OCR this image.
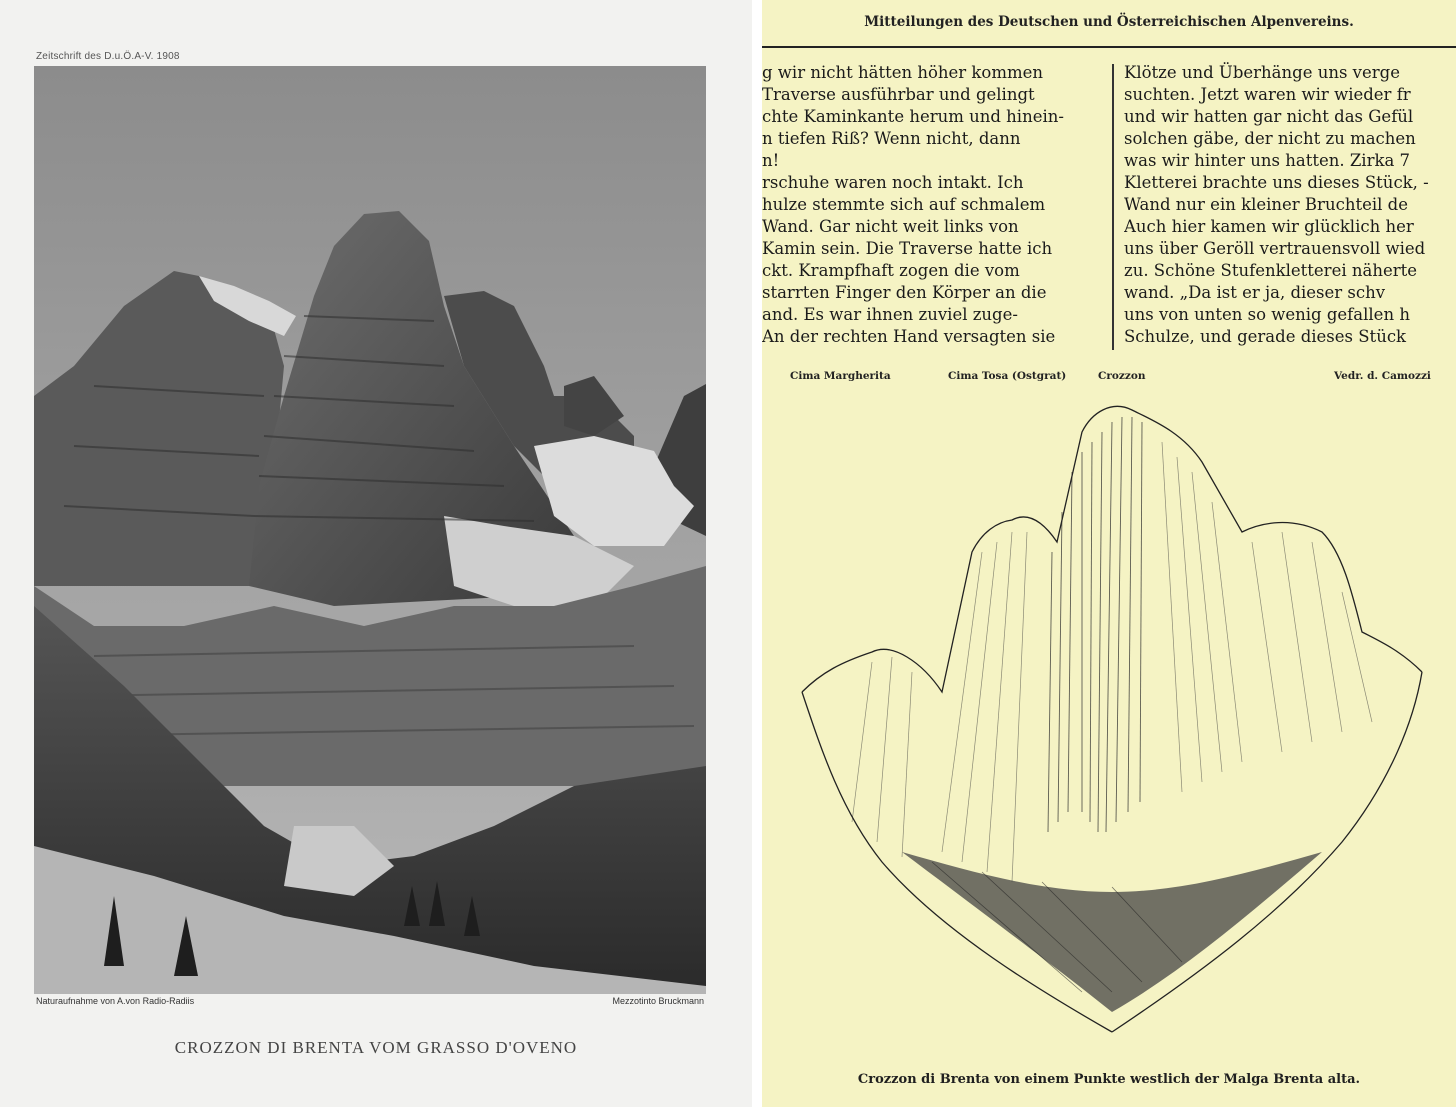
Zeitschrift des D.u.Ö.A-V. 1908
Naturaufnahme von A.von Radio-Radiis	Mezzotinto Bruckmann
CROZZON DI BRENTA VOM GRASSO D'OVENO
Mitteilungen des Deutschen und Österreichischen Alpenvereins.
g wir nicht hätten höher kommen
Traverse ausführbar und gelingt
chte Kaminkante herum und hinein-
n tiefen Riß? Wenn nicht, dann
n!
rschuhe waren noch intakt. Ich
hulze stemmte sich auf schmalem
Wand. Gar nicht weit links von
Kamin sein. Die Traverse hatte ich
ckt. Krampfhaft zogen die vom
starrten Finger den Körper an die
and. Es war ihnen zuviel zuge-
An der rechten Hand versagten sie
Klötze und Überhänge uns verge
suchten. Jetzt waren wir wieder fr
und wir hatten gar nicht das Gefül
solchen gäbe, der nicht zu machen
was wir hinter uns hatten. Zirka 7
Kletterei brachte uns dieses Stück, -
Wand nur ein kleiner Bruchteil de
Auch hier kamen wir glücklich her
uns über Geröll vertrauensvoll wied
zu. Schöne Stufenkletterei näherte
wand. „Da ist er ja, dieser schv
uns von unten so wenig gefallen h
Schulze, und gerade dieses Stück
Cima Margherita	Cima Tosa (Ostgrat)	Crozzon	Vedr. d. Camozzi
Crozzon di Brenta von einem Punkte westlich der Malga Brenta alta.
